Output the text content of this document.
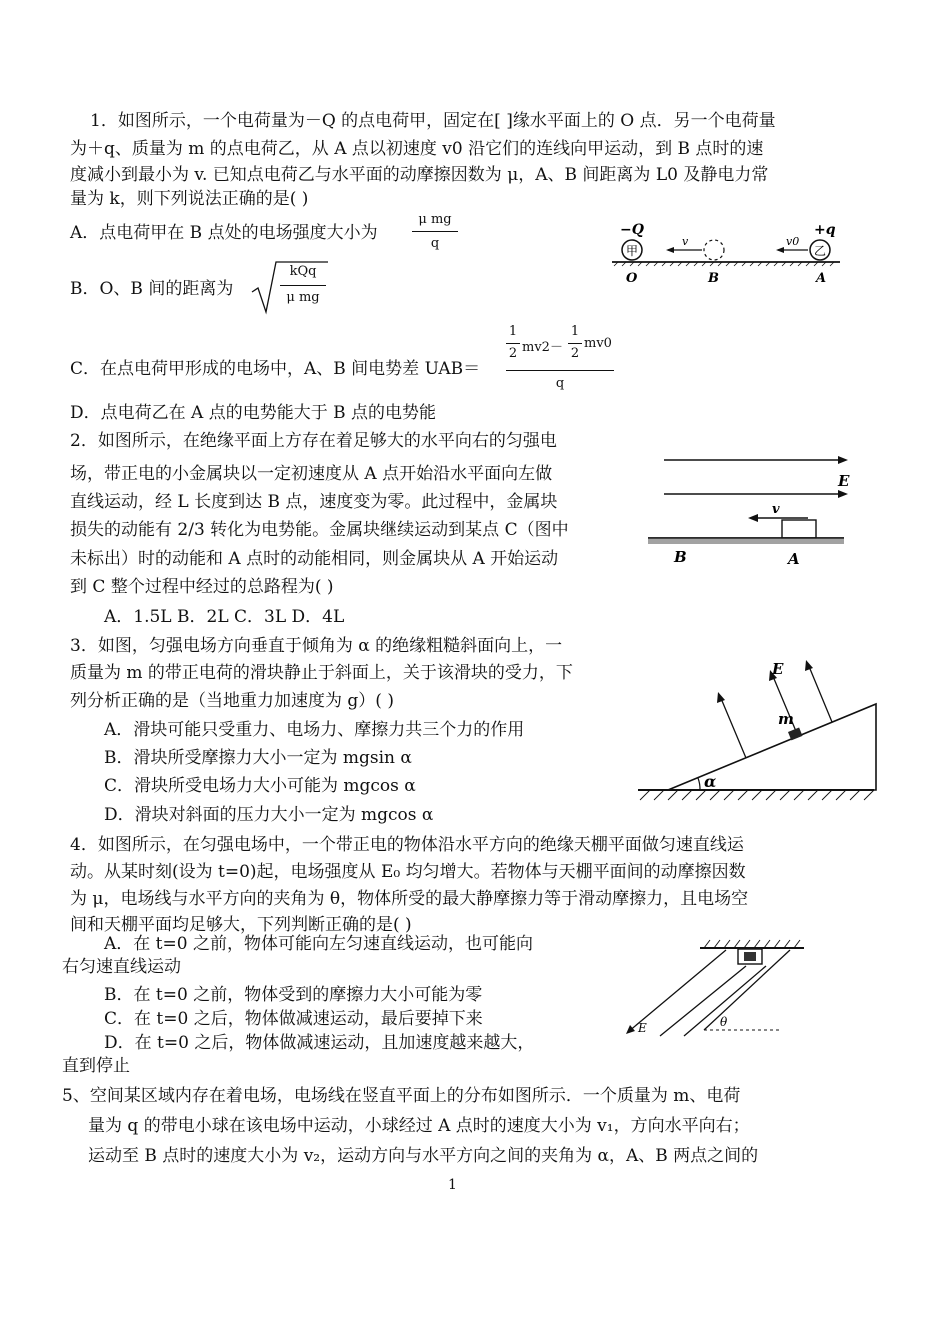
1．如图所示，一个电荷量为－Q 的点电荷甲，固定在[ ]缘水平面上的 O 点．另一个电荷量
为＋q、质量为 m 的点电荷乙，从 A 点以初速度 v0 沿它们的连线向甲运动，到 B 点时的速
度减小到最小为 v. 已知点电荷乙与水平面的动摩擦因数为 μ，A、B 间距离为 L0 及静电力常
量为 k，则下列说法正确的是( )
A．点电荷甲在 B 点处的电场强度大小为
μ mg
q
B．O、B 间的距离为
kQq
μ mg
C．在点电荷甲形成的电场中，A、B 间电势差 UAB＝
1
2 mv2－
1
2
mv0
q
D．点电荷乙在 A 点的电势能大于 B 点的电势能
−Q	+q
甲	乙
v	v0
O	B	A
2．如图所示，在绝缘平面上方存在着足够大的水平向右的匀强电
场，带正电的小金属块以一定初速度从 A 点开始沿水平面向左做
直线运动，经 L 长度到达 B 点，速度变为零。此过程中，金属块
损失的动能有 2/3 转化为电势能。金属块继续运动到某点 C（图中
未标出）时的动能和 A 点时的动能相同，则金属块从 A 开始运动
到 C 整个过程中经过的总路程为( )
A．1.5L B．2L C．3L D．4L
E
v
B	A
3．如图，匀强电场方向垂直于倾角为 α 的绝缘粗糙斜面向上，一
质量为 m 的带正电荷的滑块静止于斜面上，关于该滑块的受力，下
列分析正确的是（当地重力加速度为 g）( )
A．滑块可能只受重力、电场力、摩擦力共三个力的作用
B．滑块所受摩擦力大小一定为 mgsin α
C．滑块所受电场力大小可能为 mgcos α
D．滑块对斜面的压力大小一定为 mgcos α
α
E
m
4．如图所示，在匀强电场中，一个带正电的物体沿水平方向的绝缘天棚平面做匀速直线运
动。从某时刻(设为 t=0)起，电场强度从 E₀ 均匀增大。若物体与天棚平面间的动摩擦因数
为 μ，电场线与水平方向的夹角为 θ，物体所受的最大静摩擦力等于滑动摩擦力，且电场空
间和天棚平面均足够大，下列判断正确的是( )
A．在 t=0 之前，物体可能向左匀速直线运动，也可能向
右匀速直线运动
B．在 t=0 之前，物体受到的摩擦力大小可能为零
C．在 t=0 之后，物体做减速运动，最后要掉下来
D．在 t=0 之后，物体做减速运动，且加速度越来越大，
直到停止
E	θ
5、空间某区域内存在着电场，电场线在竖直平面上的分布如图所示．一个质量为 m、电荷
量为 q 的带电小球在该电场中运动，小球经过 A 点时的速度大小为 v₁，方向水平向右；
运动至 B 点时的速度大小为 v₂，运动方向与水平方向之间的夹角为 α，A、B 两点之间的
1
